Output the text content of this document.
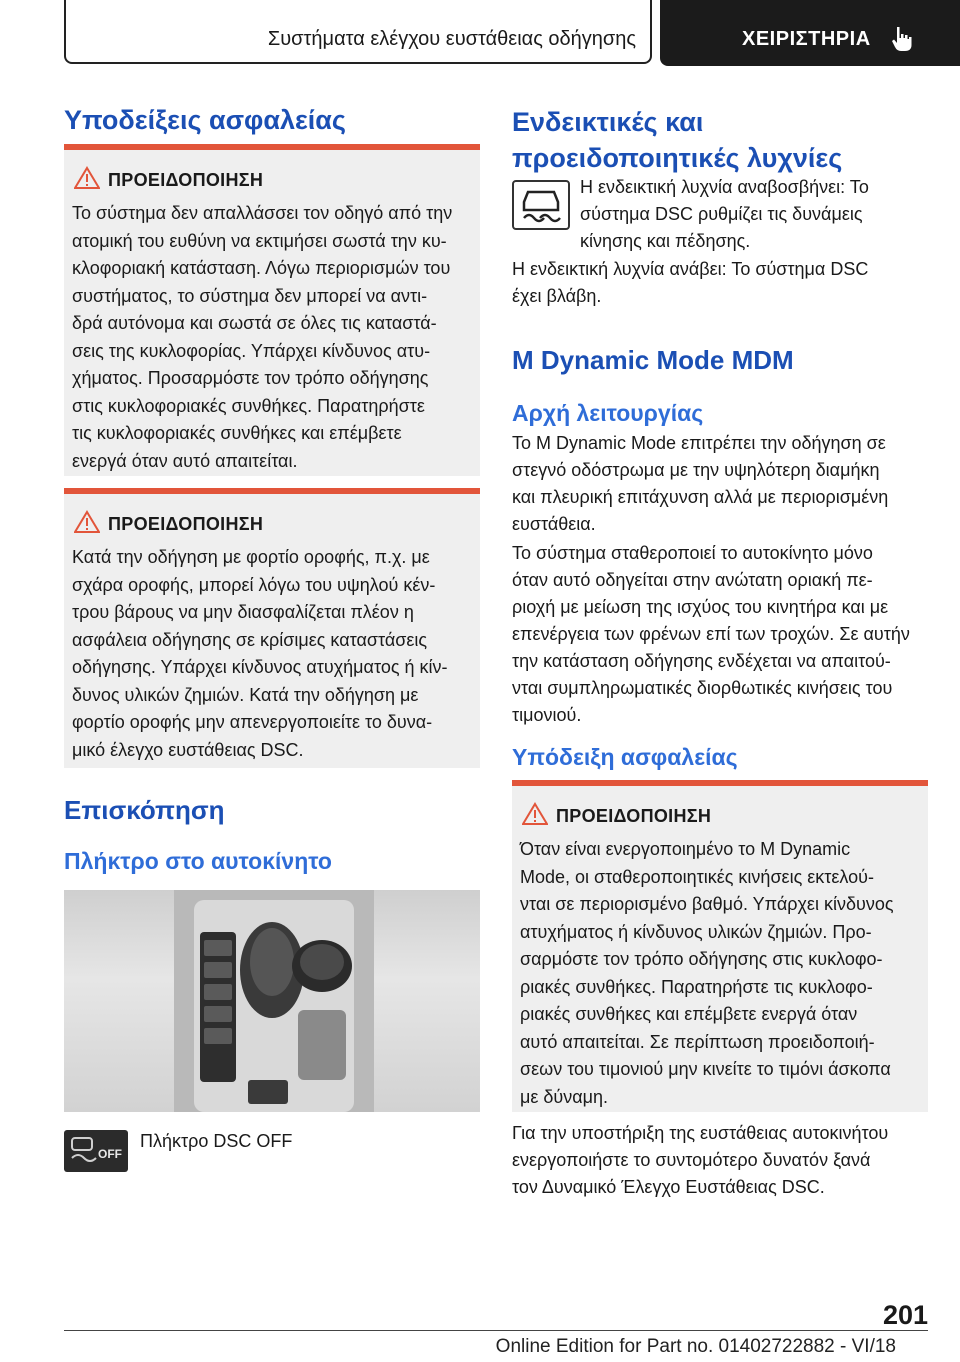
Συστήματα ελέγχου ευστάθειας οδήγησης	ΧΕΙΡΙΣΤΗΡΙΑ
Υποδείξεις ασφαλείας
ΠΡΟΕΙΔΟΠΟΙΗΣΗ
Το σύστημα δεν απαλλάσσει τον οδηγό από την
ατομική του ευθύνη να εκτιμήσει σωστά την κυ-
κλοφοριακή κατάσταση. Λόγω περιορισμών του
συστήματος, το σύστημα δεν μπορεί να αντι-
δρά αυτόνομα και σωστά σε όλες τις καταστά-
σεις της κυκλοφορίας. Υπάρχει κίνδυνος ατυ-
χήματος. Προσαρμόστε τον τρόπο οδήγησης
στις κυκλοφοριακές συνθήκες. Παρατηρήστε
τις κυκλοφοριακές συνθήκες και επέμβετε
ενεργά όταν αυτό απαιτείται.
ΠΡΟΕΙΔΟΠΟΙΗΣΗ
Κατά την οδήγηση με φορτίο οροφής, π.χ. με
σχάρα οροφής, μπορεί λόγω του υψηλού κέν-
τρου βάρους να μην διασφαλίζεται πλέον η
ασφάλεια οδήγησης σε κρίσιμες καταστάσεις
οδήγησης. Υπάρχει κίνδυνος ατυχήματος ή κίν-
δυνος υλικών ζημιών. Κατά την οδήγηση με
φορτίο οροφής μην απενεργοποιείτε το δυνα-
μικό έλεγχο ευστάθειας DSC.
Επισκόπηση
Πλήκτρο στο αυτοκίνητο
OFF
Πλήκτρο DSC OFF
Ενδεικτικές και
προειδοποιητικές λυχνίες
Η ενδεικτική λυχνία αναβοσβήνει: Το
σύστημα DSC ρυθμίζει τις δυνάμεις
κίνησης και πέδησης.
Η ενδεικτική λυχνία ανάβει: Το σύστημα DSC
έχει βλάβη.
M Dynamic Mode MDM
Αρχή λειτουργίας
Το M Dynamic Mode επιτρέπει την οδήγηση σε
στεγνό οδόστρωμα με την υψηλότερη διαμήκη
και πλευρική επιτάχυνση αλλά με περιορισμένη
ευστάθεια.
Το σύστημα σταθεροποιεί το αυτοκίνητο μόνο
όταν αυτό οδηγείται στην ανώτατη οριακή πε-
ριοχή με μείωση της ισχύος του κινητήρα και με
επενέργεια των φρένων επί των τροχών. Σε αυτήν
την κατάσταση οδήγησης ενδέχεται να απαιτού-
νται συμπληρωματικές διορθωτικές κινήσεις του
τιμονιού.
Υπόδειξη ασφαλείας
ΠΡΟΕΙΔΟΠΟΙΗΣΗ
Όταν είναι ενεργοποιημένο το M Dynamic
Mode, οι σταθεροποιητικές κινήσεις εκτελού-
νται σε περιορισμένο βαθμό. Υπάρχει κίνδυνος
ατυχήματος ή κίνδυνος υλικών ζημιών. Προ-
σαρμόστε τον τρόπο οδήγησης στις κυκλοφο-
ριακές συνθήκες. Παρατηρήστε τις κυκλοφο-
ριακές συνθήκες και επέμβετε ενεργά όταν
αυτό απαιτείται. Σε περίπτωση προειδοποιή-
σεων του τιμονιού μην κινείτε το τιμόνι άσκοπα
με δύναμη.
Για την υποστήριξη της ευστάθειας αυτοκινήτου
ενεργοποιήστε το συντομότερο δυνατόν ξανά
τον Δυναμικό Έλεγχο Ευστάθειας DSC.
201
Online Edition for Part no. 01402722882 - VI/18
